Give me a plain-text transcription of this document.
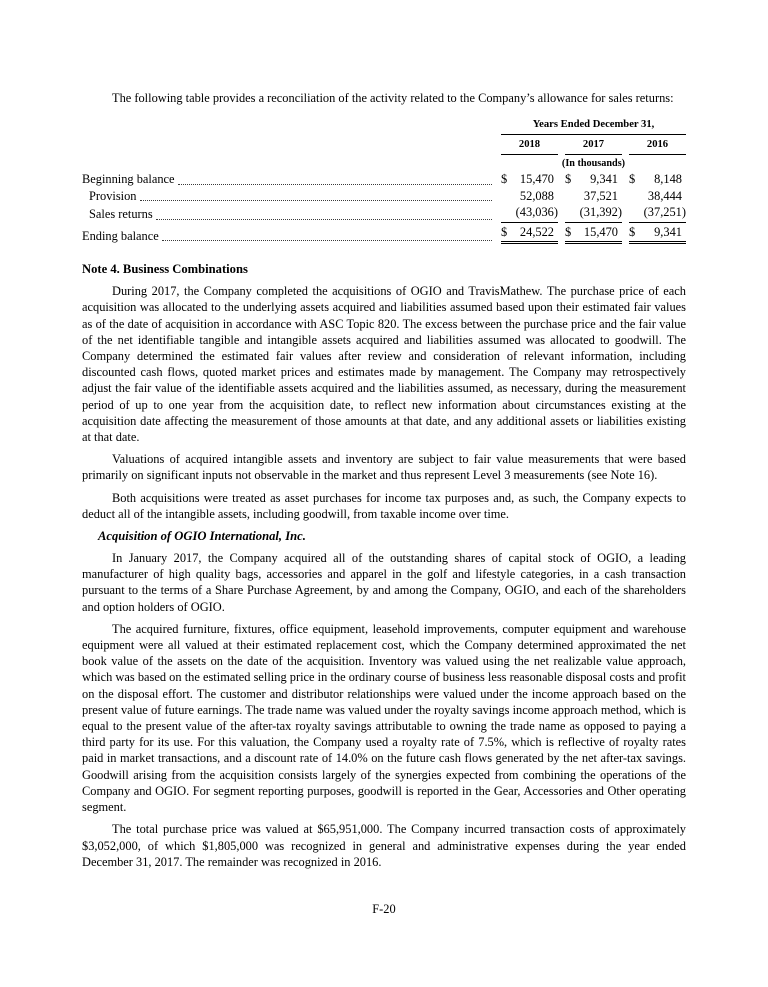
The following table provides a reconciliation of the activity related to the Company’s allowance for sales returns:

Years Ended December 31,
2018	2017	2016
(In thousands)
Beginning balance	$ 15,470 $ 9,341 $ 8,148
Provision	52,088	37,521	38,444
Sales returns	(43,036) (31,392) (37,251)
Ending balance	$ 24,522 $ 15,470 $ 9,341
Note 4. Business Combinations

During 2017, the Company completed the acquisitions of OGIO and TravisMathew. The purchase price of each acquisition was allocated to the underlying assets acquired and liabilities assumed based upon their estimated fair values as of the date of acquisition in accordance with ASC Topic 820. The excess between the purchase price and the fair value of the net identifiable tangible and intangible assets acquired and liabilities assumed was allocated to goodwill. The Company determined the estimated fair values after review and consideration of relevant information, including discounted cash flows, quoted market prices and estimates made by management. The Company may retrospectively adjust the fair value of the identifiable assets acquired and the liabilities assumed, as necessary, during the measurement period of up to one year from the acquisition date, to reflect new information about circumstances existing at the acquisition date affecting the measurement of those amounts at that date, and any additional assets or liabilities existing at that date.

Valuations of acquired intangible assets and inventory are subject to fair value measurements that were based primarily on significant inputs not observable in the market and thus represent Level 3 measurements (see Note 16).

Both acquisitions were treated as asset purchases for income tax purposes and, as such, the Company expects to deduct all of the intangible assets, including goodwill, from taxable income over time.

Acquisition of OGIO International, Inc.

In January 2017, the Company acquired all of the outstanding shares of capital stock of OGIO, a leading manufacturer of high quality bags, accessories and apparel in the golf and lifestyle categories, in a cash transaction pursuant to the terms of a Share Purchase Agreement, by and among the Company, OGIO, and each of the shareholders and option holders of OGIO.

The acquired furniture, fixtures, office equipment, leasehold improvements, computer equipment and warehouse equipment were all valued at their estimated replacement cost, which the Company determined approximated the net book value of the assets on the date of the acquisition. Inventory was valued using the net realizable value approach, which was based on the estimated selling price in the ordinary course of business less reasonable disposal costs and profit on the disposal effort. The customer and distributor relationships were valued under the income approach based on the present value of future earnings. The trade name was valued under the royalty savings income approach method, which is equal to the present value of the after-tax royalty savings attributable to owning the trade name as opposed to paying a third party for its use. For this valuation, the Company used a royalty rate of 7.5%, which is reflective of royalty rates paid in market transactions, and a discount rate of 14.0% on the future cash flows generated by the net after-tax savings. Goodwill arising from the acquisition consists largely of the synergies expected from combining the operations of the Company and OGIO. For segment reporting purposes, goodwill is reported in the Gear, Accessories and Other operating segment.

The total purchase price was valued at $65,951,000. The Company incurred transaction costs of approximately $3,052,000, of which $1,805,000 was recognized in general and administrative expenses during the year ended December 31, 2017. The remainder was recognized in 2016.

F-20
